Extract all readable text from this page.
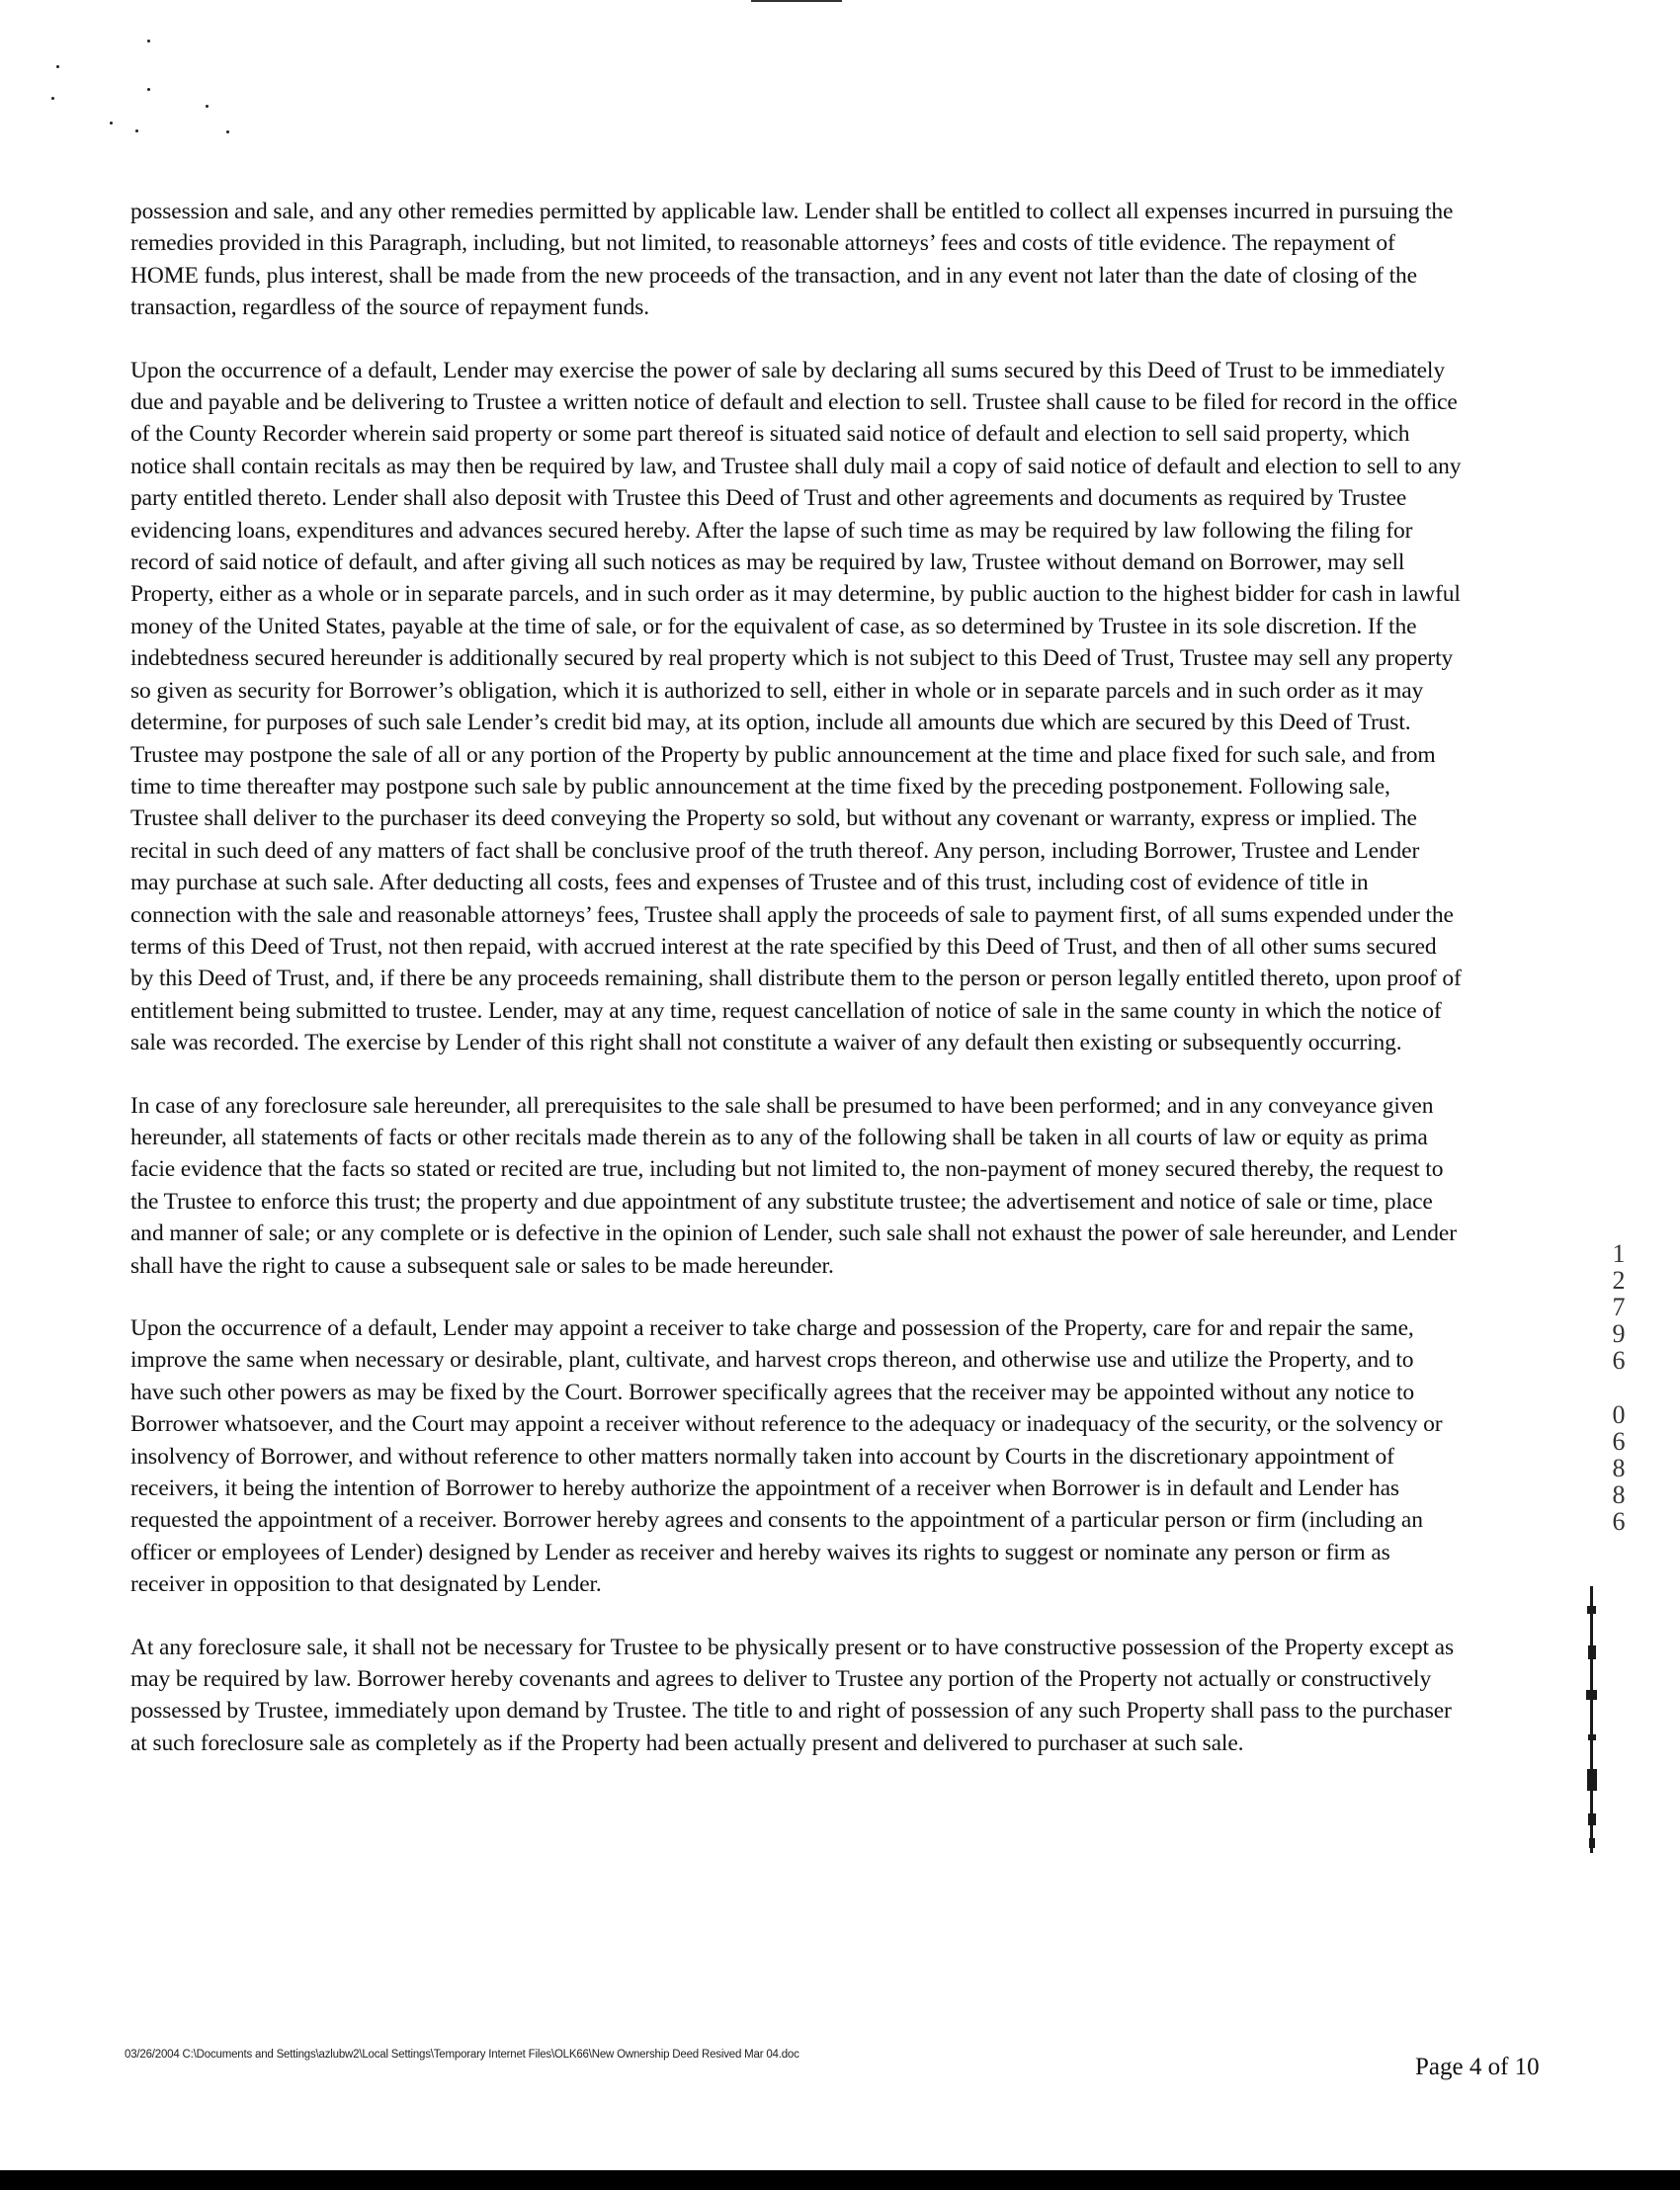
possession and sale, and any other remedies permitted by applicable law. Lender shall be entitled to collect all expenses incurred in pursuing the remedies provided in this Paragraph, including, but not limited, to reasonable attorneys’ fees and costs of title evidence. The repayment of HOME funds, plus interest, shall be made from the new proceeds of the transaction, and in any event not later than the date of closing of the transaction, regardless of the source of repayment funds.

Upon the occurrence of a default, Lender may exercise the power of sale by declaring all sums secured by this Deed of Trust to be immediately due and payable and be delivering to Trustee a written notice of default and election to sell. Trustee shall cause to be filed for record in the office of the County Recorder wherein said property or some part thereof is situated said notice of default and election to sell said property, which notice shall contain recitals as may then be required by law, and Trustee shall duly mail a copy of said notice of default and election to sell to any party entitled thereto. Lender shall also deposit with Trustee this Deed of Trust and other agreements and documents as required by Trustee evidencing loans, expenditures and advances secured hereby. After the lapse of such time as may be required by law following the filing for record of said notice of default, and after giving all such notices as may be required by law, Trustee without demand on Borrower, may sell Property, either as a whole or in separate parcels, and in such order as it may determine, by public auction to the highest bidder for cash in lawful money of the United States, payable at the time of sale, or for the equivalent of case, as so determined by Trustee in its sole discretion. If the indebtedness secured hereunder is additionally secured by real property which is not subject to this Deed of Trust, Trustee may sell any property so given as security for Borrower’s obligation, which it is authorized to sell, either in whole or in separate parcels and in such order as it may determine, for purposes of such sale Lender’s credit bid may, at its option, include all amounts due which are secured by this Deed of Trust. Trustee may postpone the sale of all or any portion of the Property by public announcement at the time and place fixed for such sale, and from time to time thereafter may postpone such sale by public announcement at the time fixed by the preceding postponement. Following sale, Trustee shall deliver to the purchaser its deed conveying the Property so sold, but without any covenant or warranty, express or implied. The recital in such deed of any matters of fact shall be conclusive proof of the truth thereof. Any person, including Borrower, Trustee and Lender may purchase at such sale. After deducting all costs, fees and expenses of Trustee and of this trust, including cost of evidence of title in connection with the sale and reasonable attorneys’ fees, Trustee shall apply the proceeds of sale to payment first, of all sums expended under the terms of this Deed of Trust, not then repaid, with accrued interest at the rate specified by this Deed of Trust, and then of all other sums secured by this Deed of Trust, and, if there be any proceeds remaining, shall distribute them to the person or person legally entitled thereto, upon proof of entitlement being submitted to trustee. Lender, may at any time, request cancellation of notice of sale in the same county in which the notice of sale was recorded. The exercise by Lender of this right shall not constitute a waiver of any default then existing or subsequently occurring.

In case of any foreclosure sale hereunder, all prerequisites to the sale shall be presumed to have been performed; and in any conveyance given hereunder, all statements of facts or other recitals made therein as to any of the following shall be taken in all courts of law or equity as prima facie evidence that the facts so stated or recited are true, including but not limited to, the non-payment of money secured thereby, the request to the Trustee to enforce this trust; the property and due appointment of any substitute trustee; the advertisement and notice of sale or time, place and manner of sale; or any complete or is defective in the opinion of Lender, such sale shall not exhaust the power of sale hereunder, and Lender shall have the right to cause a subsequent sale or sales to be made hereunder.

Upon the occurrence of a default, Lender may appoint a receiver to take charge and possession of the Property, care for and repair the same, improve the same when necessary or desirable, plant, cultivate, and harvest crops thereon, and otherwise use and utilize the Property, and to have such other powers as may be fixed by the Court. Borrower specifically agrees that the receiver may be appointed without any notice to Borrower whatsoever, and the Court may appoint a receiver without reference to the adequacy or inadequacy of the security, or the solvency or insolvency of Borrower, and without reference to other matters normally taken into account by Courts in the discretionary appointment of receivers, it being the intention of Borrower to hereby authorize the appointment of a receiver when Borrower is in default and Lender has requested the appointment of a receiver. Borrower hereby agrees and consents to the appointment of a particular person or firm (including an officer or employees of Lender) designed by Lender as receiver and hereby waives its rights to suggest or nominate any person or firm as receiver in opposition to that designated by Lender.

At any foreclosure sale, it shall not be necessary for Trustee to be physically present or to have constructive possession of the Property except as may be required by law. Borrower hereby covenants and agrees to deliver to Trustee any portion of the Property not actually or constructively possessed by Trustee, immediately upon demand by Trustee. The title to and right of possession of any such Property shall pass to the purchaser at such foreclosure sale as completely as if the Property had been actually present and delivered to purchaser at such sale.

1
2
7
9
6
0
6
8
8
6
03/26/2004 C:\Documents and Settings\azlubw2\Local Settings\Temporary Internet Files\OLK66\New Ownership Deed Resived Mar 04.doc	Page 4 of 10
